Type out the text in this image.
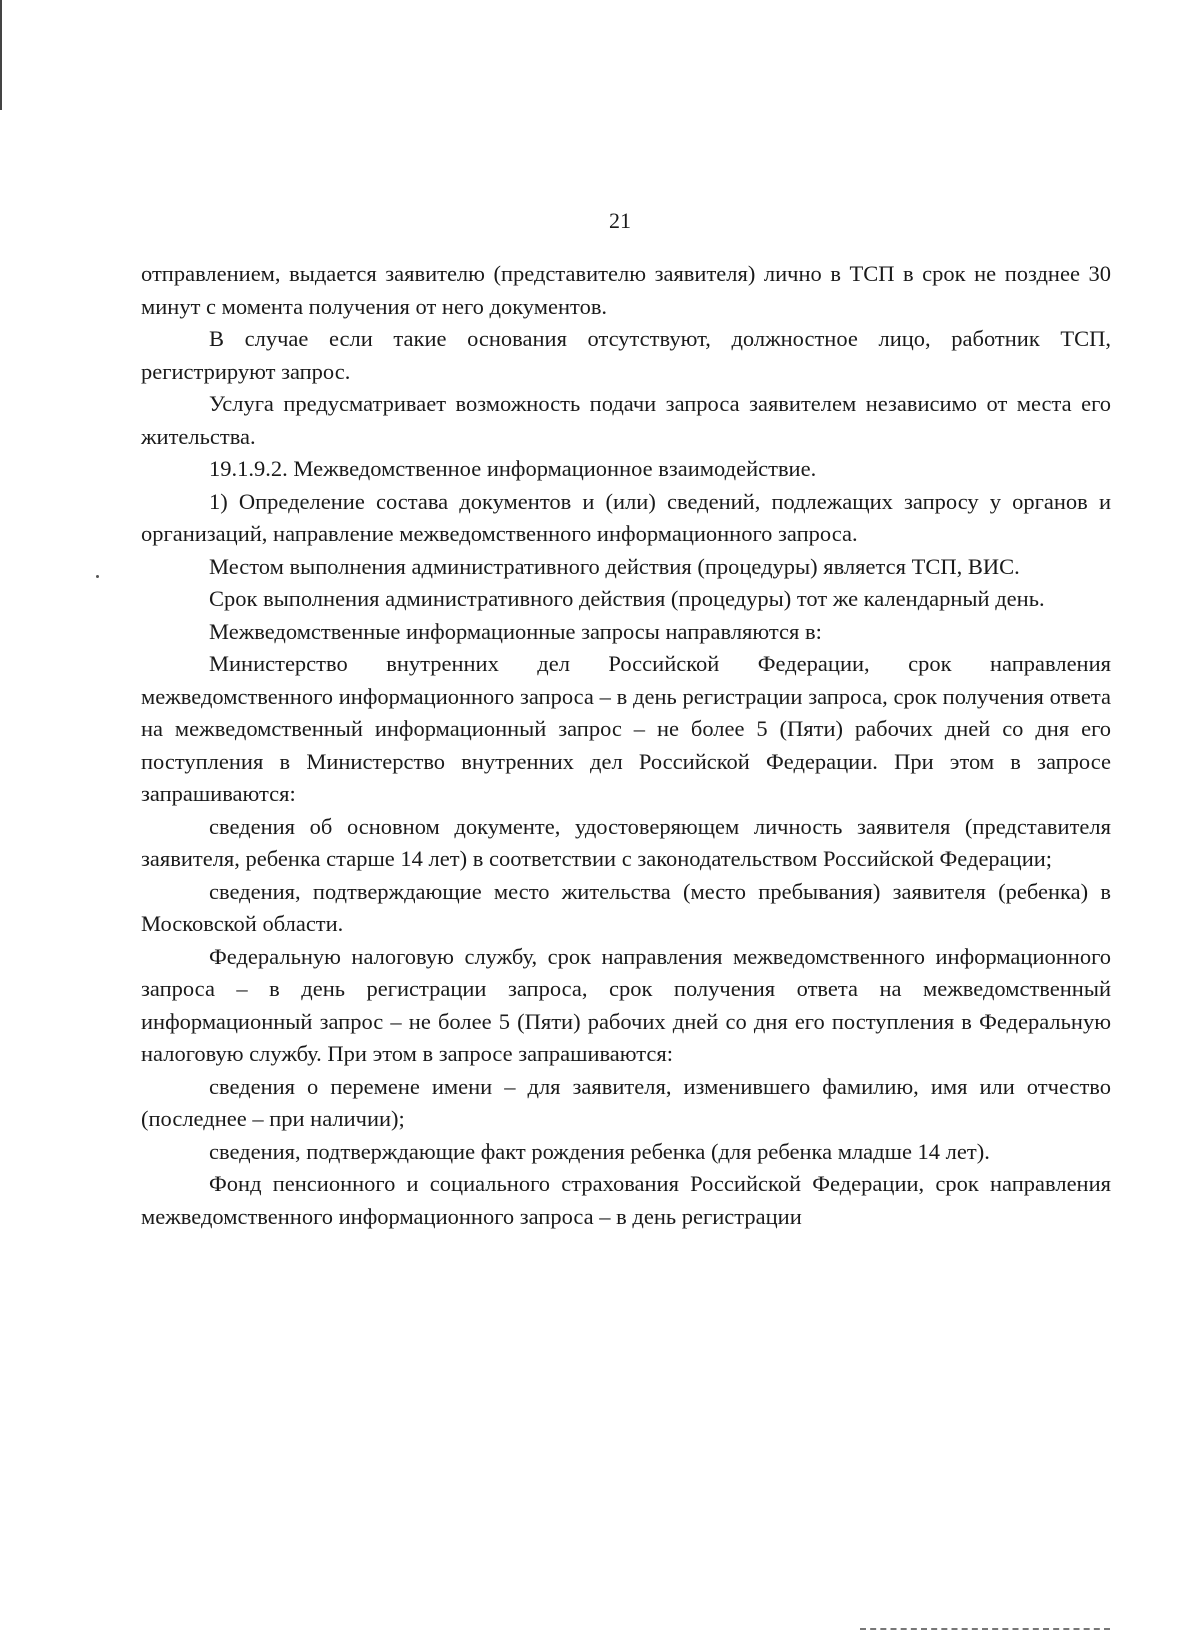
21

отправлением, выдается заявителю (представителю заявителя) лично в ТСП в срок не позднее 30 минут с момента получения от него документов.

В случае если такие основания отсутствуют, должностное лицо, работник ТСП, регистрируют запрос.

Услуга предусматривает возможность подачи запроса заявителем независимо от места его жительства.

19.1.9.2. Межведомственное информационное взаимодействие.

1) Определение состава документов и (или) сведений, подлежащих запросу у органов и организаций, направление межведомственного информационного запроса.

Местом выполнения административного действия (процедуры) является ТСП, ВИС.

Срок выполнения административного действия (процедуры) тот же календарный день.

Межведомственные информационные запросы направляются в:

Министерство внутренних дел Российской Федерации, срок направления межведомственного информационного запроса – в день регистрации запроса, срок получения ответа на межведомственный информационный запрос – не более 5 (Пяти) рабочих дней со дня его поступления в Министерство внутренних дел Российской Федерации. При этом в запросе запрашиваются:

сведения об основном документе, удостоверяющем личность заявителя (представителя заявителя, ребенка старше 14 лет) в соответствии с законодательством Российской Федерации;

сведения, подтверждающие место жительства (место пребывания) заявителя (ребенка) в Московской области.

Федеральную налоговую службу, срок направления межведомственного информационного запроса – в день регистрации запроса, срок получения ответа на межведомственный информационный запрос – не более 5 (Пяти) рабочих дней со дня его поступления в Федеральную налоговую службу. При этом в запросе запрашиваются:

сведения о перемене имени – для заявителя, изменившего фамилию, имя или отчество (последнее – при наличии);

сведения, подтверждающие факт рождения ребенка (для ребенка младше 14 лет).

Фонд пенсионного и социального страхования Российской Федерации, срок направления межведомственного информационного запроса – в день регистрации
